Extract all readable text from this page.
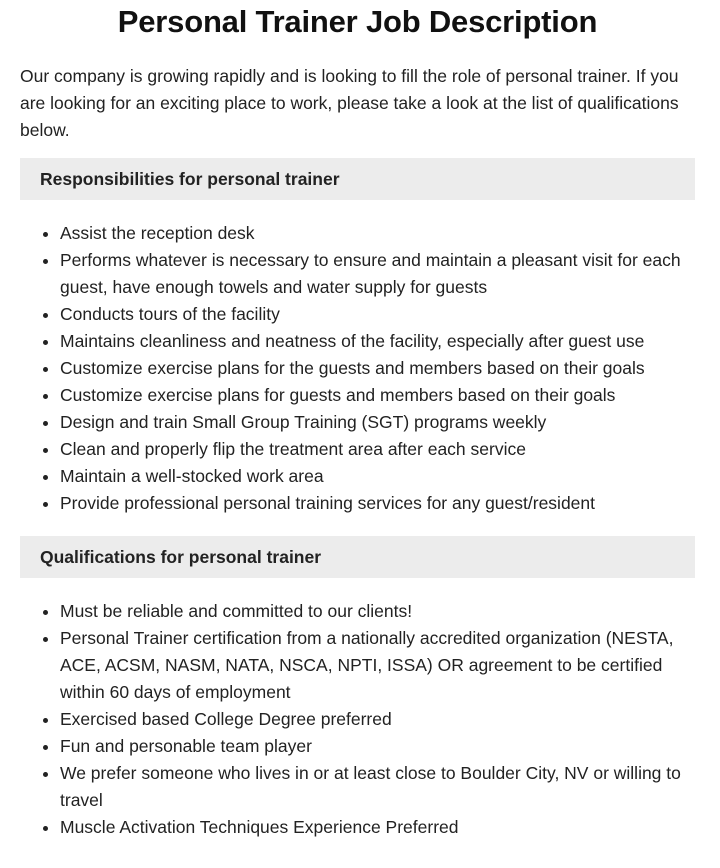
Personal Trainer Job Description

Our company is growing rapidly and is looking to fill the role of personal trainer. If you are looking for an exciting place to work, please take a look at the list of qualifications below.

Responsibilities for personal trainer
Assist the reception desk
Performs whatever is necessary to ensure and maintain a pleasant visit for each guest, have enough towels and water supply for guests
Conducts tours of the facility
Maintains cleanliness and neatness of the facility, especially after guest use
Customize exercise plans for the guests and members based on their goals
Customize exercise plans for guests and members based on their goals
Design and train Small Group Training (SGT) programs weekly
Clean and properly flip the treatment area after each service
Maintain a well-stocked work area
Provide professional personal training services for any guest/resident
Qualifications for personal trainer
Must be reliable and committed to our clients!
Personal Trainer certification from a nationally accredited organization (NESTA, ACE, ACSM, NASM, NATA, NSCA, NPTI, ISSA) OR agreement to be certified within 60 days of employment
Exercised based College Degree preferred
Fun and personable team player
We prefer someone who lives in or at least close to Boulder City, NV or willing to travel
Muscle Activation Techniques Experience Preferred
